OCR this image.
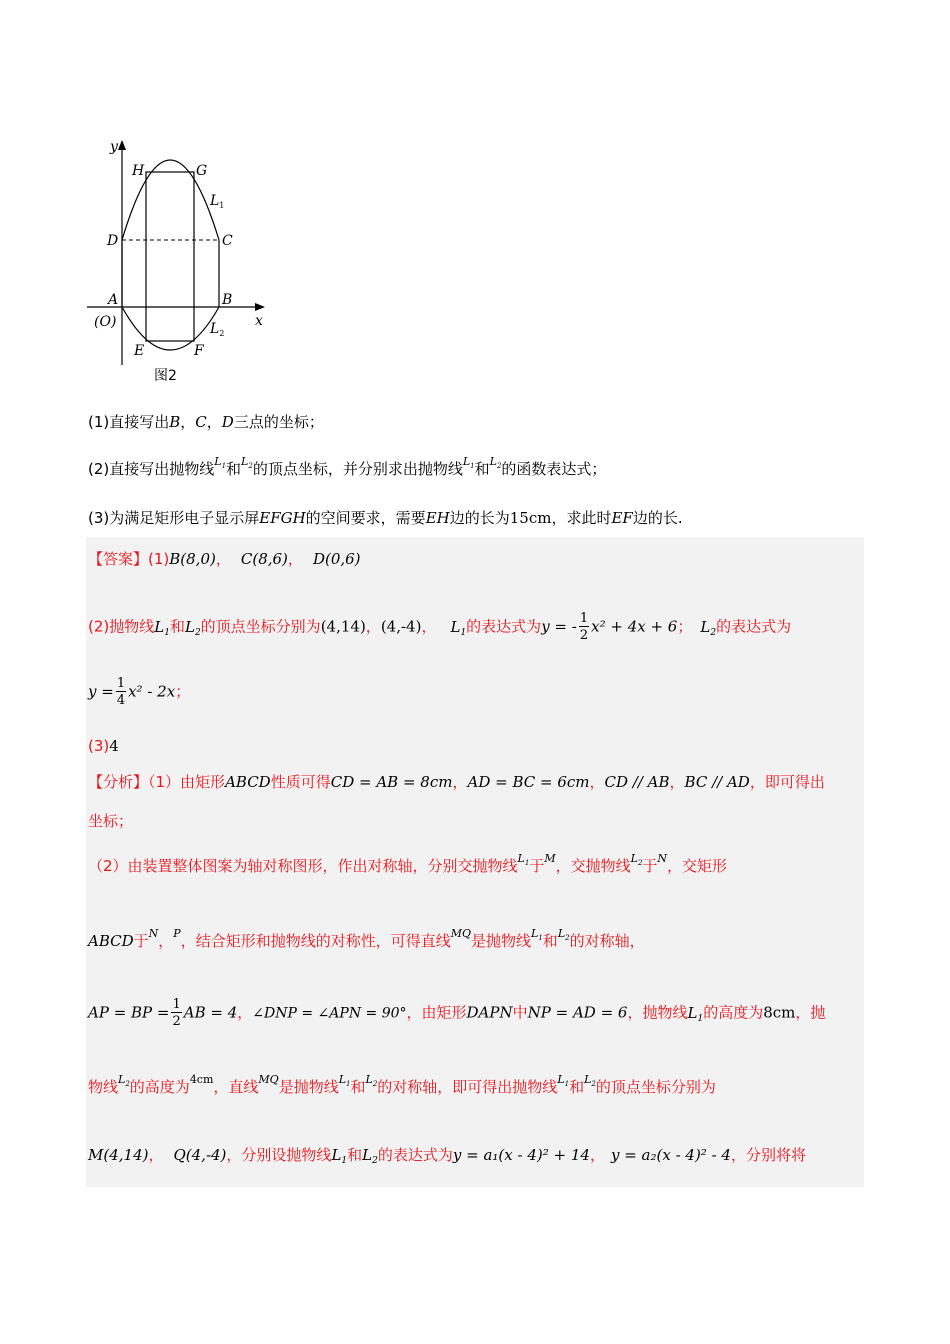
y
x
H	G
$L_1$
D	C
A	B
(O)	$L_2$
E	F
图2
(1)直接写出B，C，D三点的坐标；
(2)直接写出抛物线$^{L_1}$和$^{L_2}$的顶点坐标，并分别求出抛物线$^{L_1}$和$^{L_2}$的函数表达式；
(3)为满足矩形电子显示屏EFGH的空间要求，需要EH边的长为15cm，求此时EF边的长.
【答案】(1)B(8,0)， C(8,6)， D(0,6)
(2)抛物线$L_1$和$L_2$的顶点坐标分别为(4,14)，(4,-4)， $L_1$的表达式为y = - $\frac{1}{2} x^2 + 4x + 6$； $L_2$的表达式为
$y = \frac{1}{4} x^2 - 2x$；
(3)4
【分析】（1）由矩形ABCD性质可得CD = AB = 8cm，AD = BC = 6cm，CD // AB，BC // AD，即可得出
坐标；
（2）由装置整体图案为轴对称图形，作出对称轴，分别交抛物线$^{L_1}$于$^M$，交抛物线$^{L_2}$于$^N$，交矩形
ABCD于$^N$，$^P$，结合矩形和抛物线的对称性，可得直线$^{MQ}$是抛物线$^{L_1}$和$^{L_2}$的对称轴，
AP = BP = $\frac{1}{2}$ AB = 4，∠DNP = ∠APN = 90°，由矩形DAPN中NP = AD = 6，抛物线$L_1$的高度为8cm，抛
物线$^{L_2}$的高度为$^{4cm}$，直线$^{MQ}$是抛物线$^{L_1}$和$^{L_2}$的对称轴，即可得出抛物线$^{L_1}$和$^{L_2}$的顶点坐标分别为
M(4,14)， Q(4,-4)，分别设抛物线$L_1$和$L_2$的表达式为y = a₁(x - 4)² + 14， y = a₂(x - 4)² - 4，分别将将
